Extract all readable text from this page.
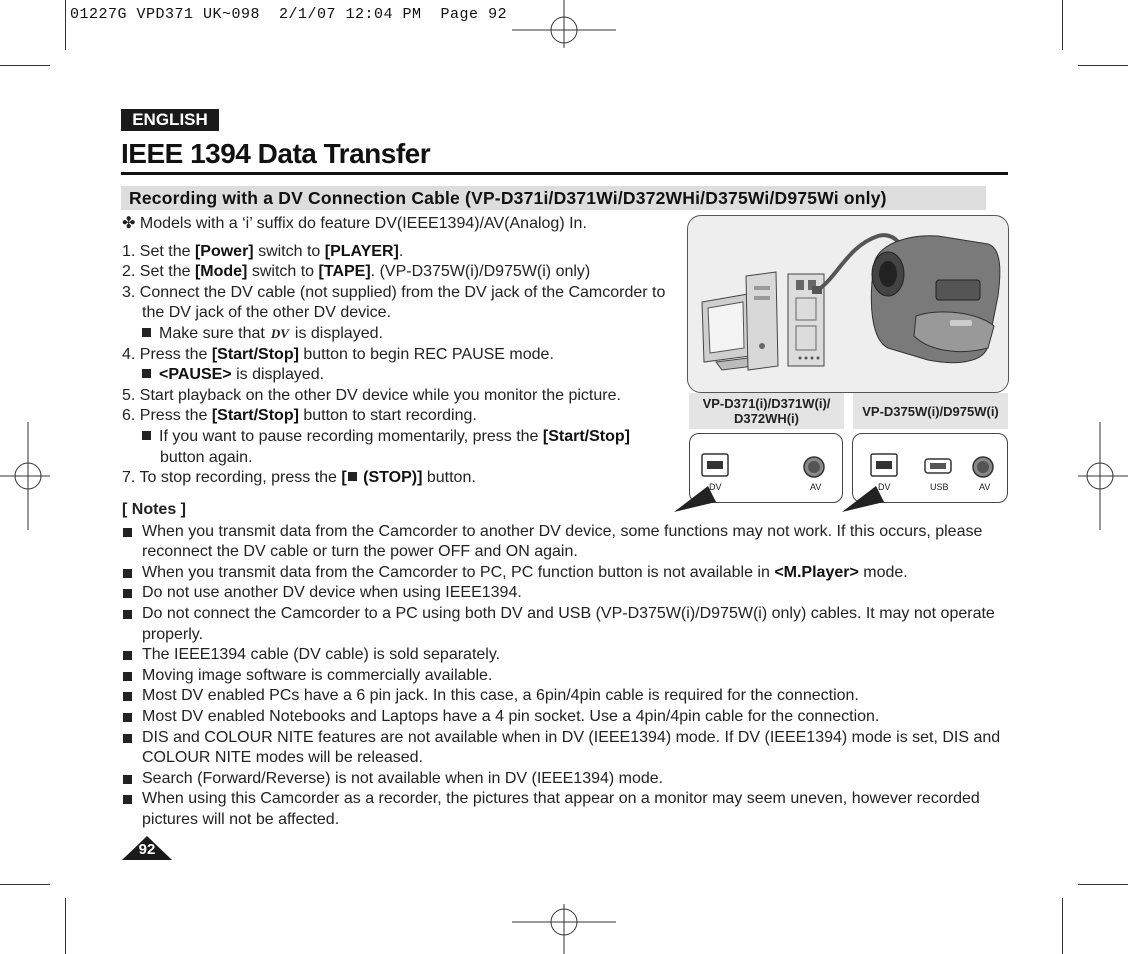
01227G VPD371 UK~098  2/1/07 12:04 PM  Page 92
ENGLISH
IEEE 1394 Data Transfer
Recording with a DV Connection Cable (VP-D371i/D371Wi/D372WHi/D375Wi/D975Wi only)

✤ Models with a ‘i’ suffix do feature DV(IEEE1394)/AV(Analog) In.

1. Set the [Power] switch to [PLAYER].

2. Set the [Mode] switch to [TAPE]. (VP-D375W(i)/D975W(i) only)

3. Connect the DV cable (not supplied) from the DV jack of the Camcorder to

the DV jack of the other DV device.

Make sure that DV is displayed.

4. Press the [Start/Stop] button to begin REC PAUSE mode.

<PAUSE> is displayed.

5. Start playback on the other DV device while you monitor the picture.

6. Press the [Start/Stop] button to start recording.

If you want to pause recording momentarily, press the [Start/Stop]

button again.

7. To stop recording, press the [ (STOP)] button.

VP-D371(i)/D371W(i)/ D372WH(i)	VP-D375W(i)/D975W(i)
DV	AV	DV	USB	AV

[ Notes ]

When you transmit data from the Camcorder to another DV device, some functions may not work. If this occurs, please reconnect the DV cable or turn the power OFF and ON again.
When you transmit data from the Camcorder to PC, PC function button is not available in <M.Player> mode.
Do not use another DV device when using IEEE1394.
Do not connect the Camcorder to a PC using both DV and USB (VP-D375W(i)/D975W(i) only) cables. It may not operate properly.
The IEEE1394 cable (DV cable) is sold separately.
Moving image software is commercially available.
Most DV enabled PCs have a 6 pin jack. In this case, a 6pin/4pin cable is required for the connection.
Most DV enabled Notebooks and Laptops have a 4 pin socket. Use a 4pin/4pin cable for the connection.
DIS and COLOUR NITE features are not available when in DV (IEEE1394) mode. If DV (IEEE1394) mode is set, DIS and COLOUR NITE modes will be released.
Search (Forward/Reverse) is not available when in DV (IEEE1394) mode.
When using this Camcorder as a recorder, the pictures that appear on a monitor may seem uneven, however recorded pictures will not be affected.
92
